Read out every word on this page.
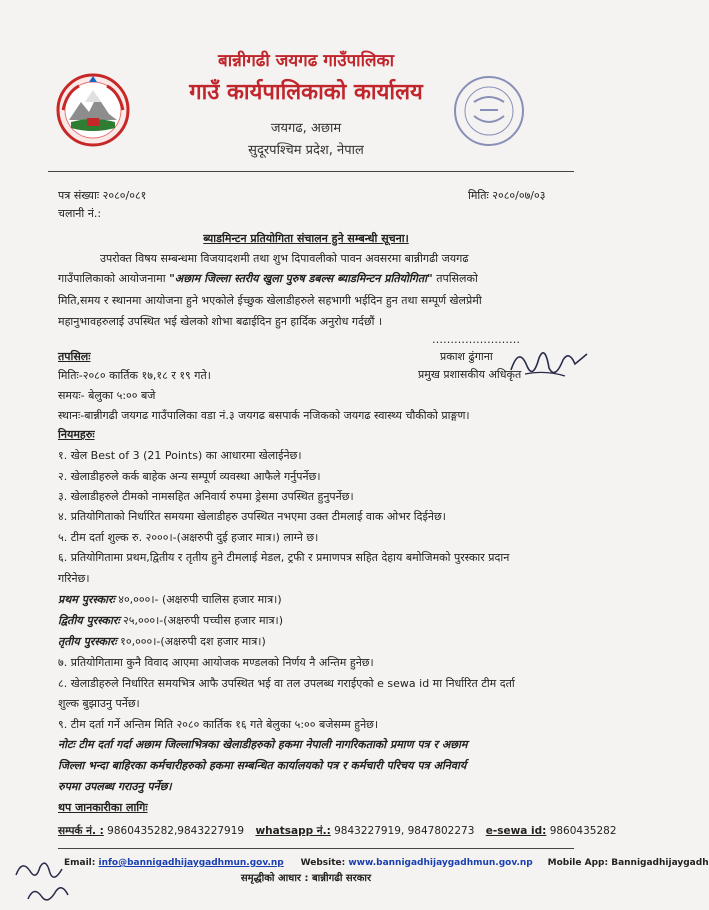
बान्नीगढी जयगढ गाउँपालिका
गाउँ कार्यपालिकाको कार्यालय
जयगढ, अछाम
सुदूरपश्चिम प्रदेश, नेपाल
पत्र संख्याः २०८०/०८१
चलानी नं.:
मितिः २०८०/०७/०३
ब्याडमिन्टन प्रतियोगिता संचालन हुने सम्बन्धी सूचना।
उपरोक्त विषय सम्बन्धमा विजयादशमी तथा शुभ दिपावलीको पावन अवसरमा बान्नीगढी जयगढ
गाउँपालिकाको आयोजनामा "अछाम जिल्ला स्तरीय खुला पुरुष डबल्स ब्याडमिन्टन प्रतियोगिता" तपसिलको
मिति,समय र स्थानमा आयोजना हुने भएकोले ईच्छुक खेलाडीहरुले सहभागी भईदिन हुन तथा सम्पूर्ण खेलप्रेमी
महानुभावहरुलाई उपस्थित भई खेलको शोभा बढाईदिन हुन हार्दिक अनुरोध गर्दछौं ।
……………………
प्रकाश ढुंगाना
प्रमुख प्रशासकीय अधिकृत
तपसिलः
मितिः-२०८० कार्तिक १७,१८ र १९ गते।
समयः- बेलुका ५:०० बजे
स्थानः-बान्नीगढी जयगढ गाउँपालिका वडा नं.३ जयगढ बसपार्क नजिकको जयगढ स्वास्थ्य चौकीको प्राङ्गण।
नियमहरुः
१. खेल Best of 3 (21 Points) का आधारमा खेलाईनेछ।
२. खेलाडीहरुले कर्क बाहेक अन्य सम्पूर्ण व्यवस्था आफैले गर्नुपर्नेछ।
३. खेलाडीहरुले टीमको नामसहित अनिवार्य रुपमा ड्रेसमा उपस्थित हुनुपर्नेछ।
४. प्रतियोगिताको निर्धारित समयमा खेलाडीहरु उपस्थित नभएमा उक्त टीमलाई वाक ओभर दिईनेछ।
५. टीम दर्ता शुल्क रु. २०००।-(अक्षरुपी दुई हजार मात्र।) लाग्ने छ।
६. प्रतियोगितामा प्रथम,द्वितीय र तृतीय हुने टीमलाई मेडल, ट्रफी र प्रमाणपत्र सहित देहाय बमोजिमको पुरस्कार प्रदान
गरिनेछ।
प्रथम पुरस्कारः ४०,०००।- (अक्षरुपी चालिस हजार मात्र।)
द्वितीय पुरस्कारः २५,०००।-(अक्षरुपी पच्चीस हजार मात्र।)
तृतीय पुरस्कारः १०,०००।-(अक्षरुपी दश हजार मात्र।)
७. प्रतियोगितामा कुनै विवाद आएमा आयोजक मण्डलको निर्णय नै अन्तिम हुनेछ।
८. खेलाडीहरुले निर्धारित समयभित्र आफै उपस्थित भई वा तल उपलब्ध गराईएको e sewa id मा निर्धारित टीम दर्ता
शुल्क बुझाउनु पर्नेछ।
९. टीम दर्ता गर्ने अन्तिम मिति २०८० कार्तिक १६ गते बेलुका ५:०० बजेसम्म हुनेछ।
नोटः टीम दर्ता गर्दा अछाम जिल्लाभित्रका खेलाडीहरुको हकमा नेपाली नागरिकताको प्रमाण पत्र र अछाम
जिल्ला भन्दा बाहिरका कर्मचारीहरुको हकमा सम्बन्धित कार्यालयको पत्र र कर्मचारी परिचय पत्र अनिवार्य
रुपमा उपलब्ध गराउनु पर्नेछ।
थप जानकारीका लागिः
सम्पर्क नं. : 9860435282,9843227919 whatsapp नं.: 9843227919, 9847802273 e-sewa id: 9860435282
Email: info@bannigadhijaygadhmun.gov.np Website: www.bannigadhijaygadhmun.gov.np Mobile App: Bannigadhijaygadh
समृद्धीको आधार : बान्नीगढी सरकार
